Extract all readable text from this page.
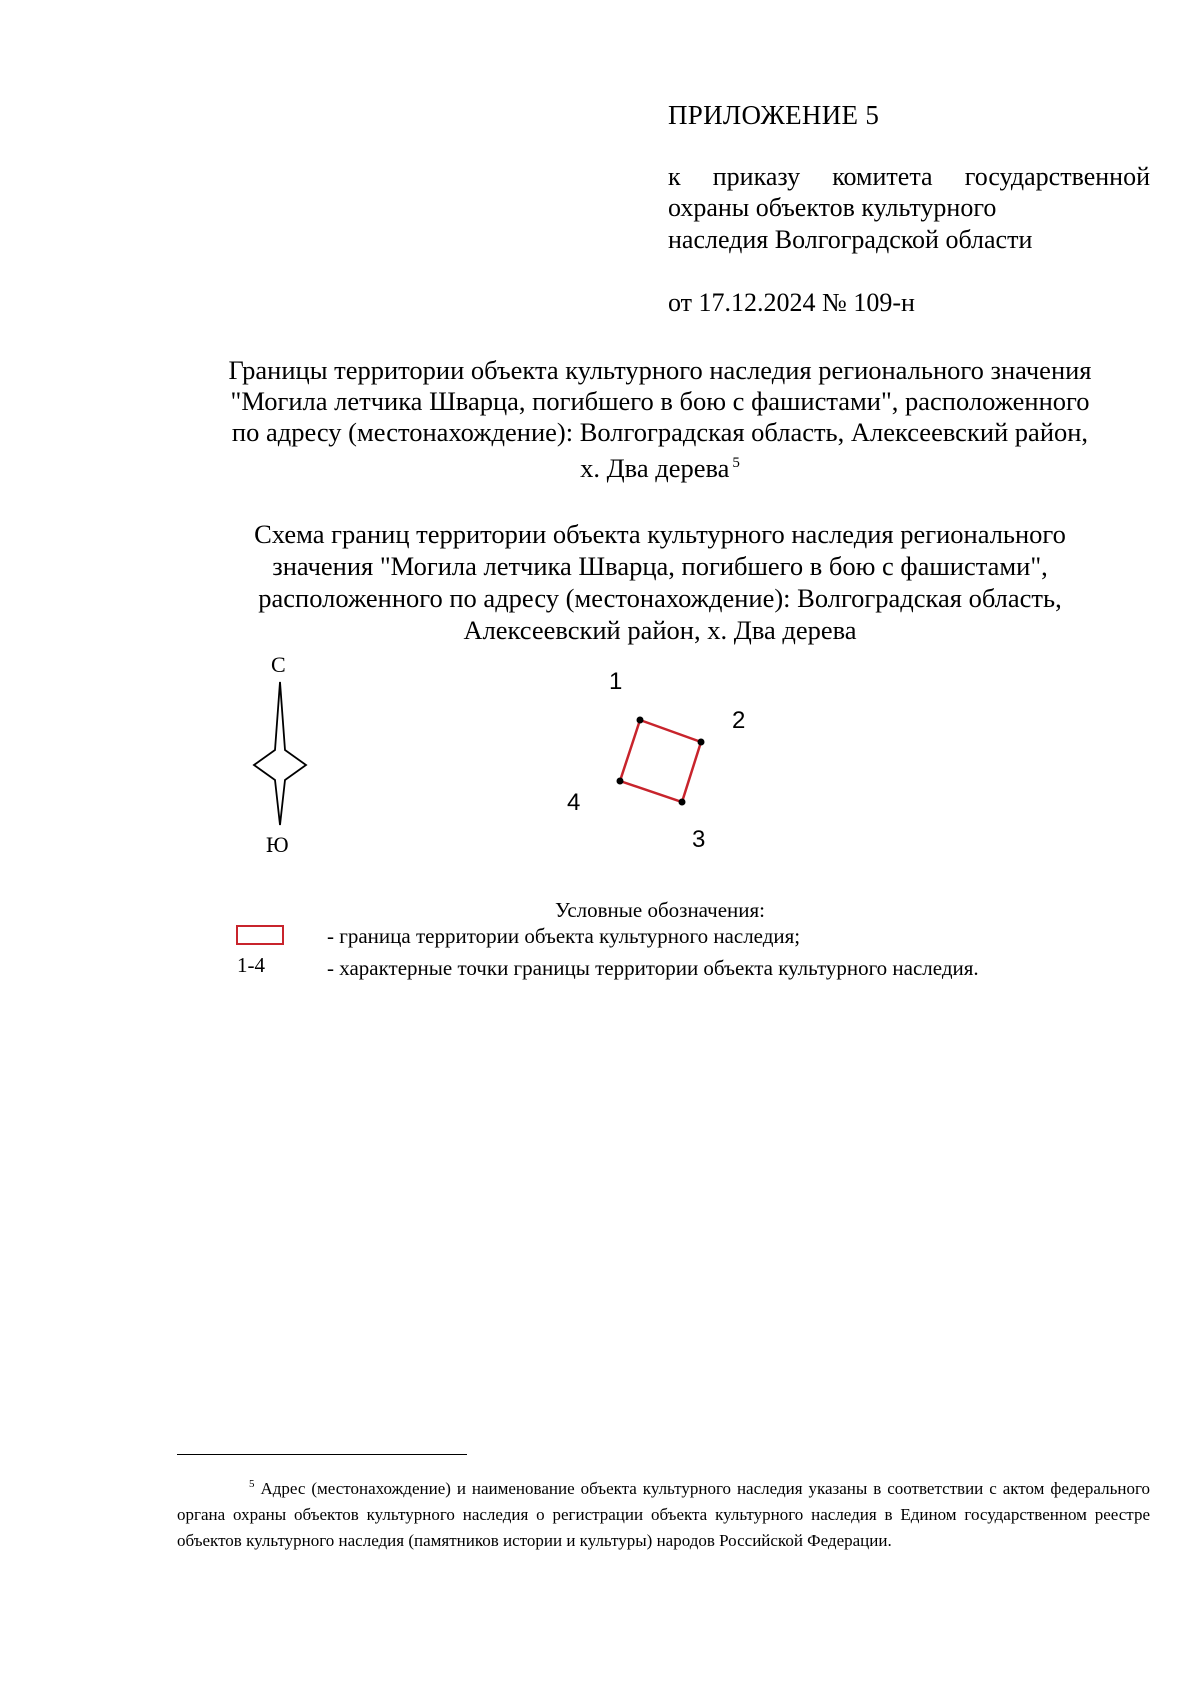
ПРИЛОЖЕНИЕ 5
к приказу комитета государственной
охраны объектов культурного
наследия Волгоградской области
от 17.12.2024 № 109-н

Границы территории объекта культурного наследия регионального значения

"Могила летчика Шварца, погибшего в бою с фашистами", расположенного

по адресу (местонахождение): Волгоградская область, Алексеевский район,

х. Два дерева $^5$

Схема границ территории объекта культурного наследия регионального

значения "Могила летчика Шварца, погибшего в бою с фашистами",

расположенного по адресу (местонахождение): Волгоградская область,

Алексеевский район, х. Два дерева

С
Ю
1
2
3
4
Условные обозначения:
- граница территории объекта культурного наследия;
1-4	- характерные точки границы территории объекта культурного наследия.
$^5$ Адрес (местонахождение) и наименование объекта культурного наследия указаны в соответствии с актом федерального органа охраны объектов культурного наследия о регистрации объекта культурного наследия в Едином государственном реестре объектов культурного наследия (памятников истории и культуры) народов Российской Федерации.
